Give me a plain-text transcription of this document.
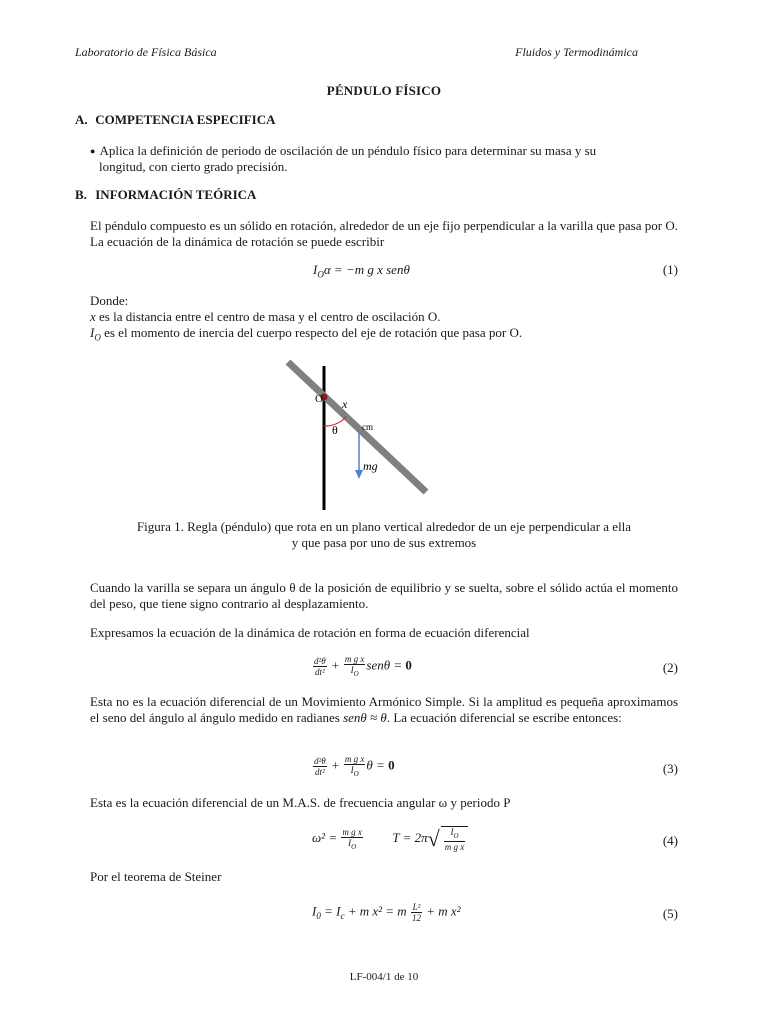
Laboratorio de Física Básica	Fluidos y Termodinámica
PÉNDULO FÍSICO
A. COMPETENCIA ESPECIFICA
● Aplica la definición de periodo de oscilación de un péndulo físico para determinar su masa y su
longitud, con cierto grado precisión.
B. INFORMACIÓN TEÓRICA
El péndulo compuesto es un sólido en rotación, alrededor de un eje fijo perpendicular a la varilla que pasa por O. La ecuación de la dinámica de rotación se puede escribir
$I_O\alpha = -m$ g x senθ	(1)
Donde:
x es la distancia entre el centro de masa y el centro de oscilación O.
$I_O$ es el momento de inercia del cuerpo respecto del eje de rotación que pasa por O.
O x
θ	cm
mg
Figura 1. Regla (péndulo) que rota en un plano vertical alrededor de un eje perpendicular a ella
y que pasa por uno de sus extremos
Cuando la varilla se separa un ángulo θ de la posición de equilibrio y se suelta, sobre el sólido actúa el momento del peso, que tiene signo contrario al desplazamiento.
Expresamos la ecuación de la dinámica de rotación en forma de ecuación diferencial
$\frac{\text{d²θ}}{\text{dt²}} + \frac{\text{m g x}}{I_O}$ senθ = 0	(2)
Esta no es la ecuación diferencial de un Movimiento Armónico Simple. Si la amplitud es pequeña aproximamos el seno del ángulo al ángulo medido en radianes senθ ≈ θ. La ecuación diferencial se escribe entonces:
$\frac{\text{d²θ}}{\text{dt²}} + \frac{\text{m g x}}{I_O}$ θ = 0	(3)
Esta es la ecuación diferencial de un M.A.S. de frecuencia angular ω y periodo P
$\omega^2 = \frac{\text{m g x}}{I_O}$ $T = 2\pi√ \frac{I_O}{\text{m g x}}$	(4)
Por el teorema de Steiner
$I_0 = I_c + m$ x² = m $\frac{\text{L²}}{12} + m$ x²	(5)
LF-004/1 de 10
